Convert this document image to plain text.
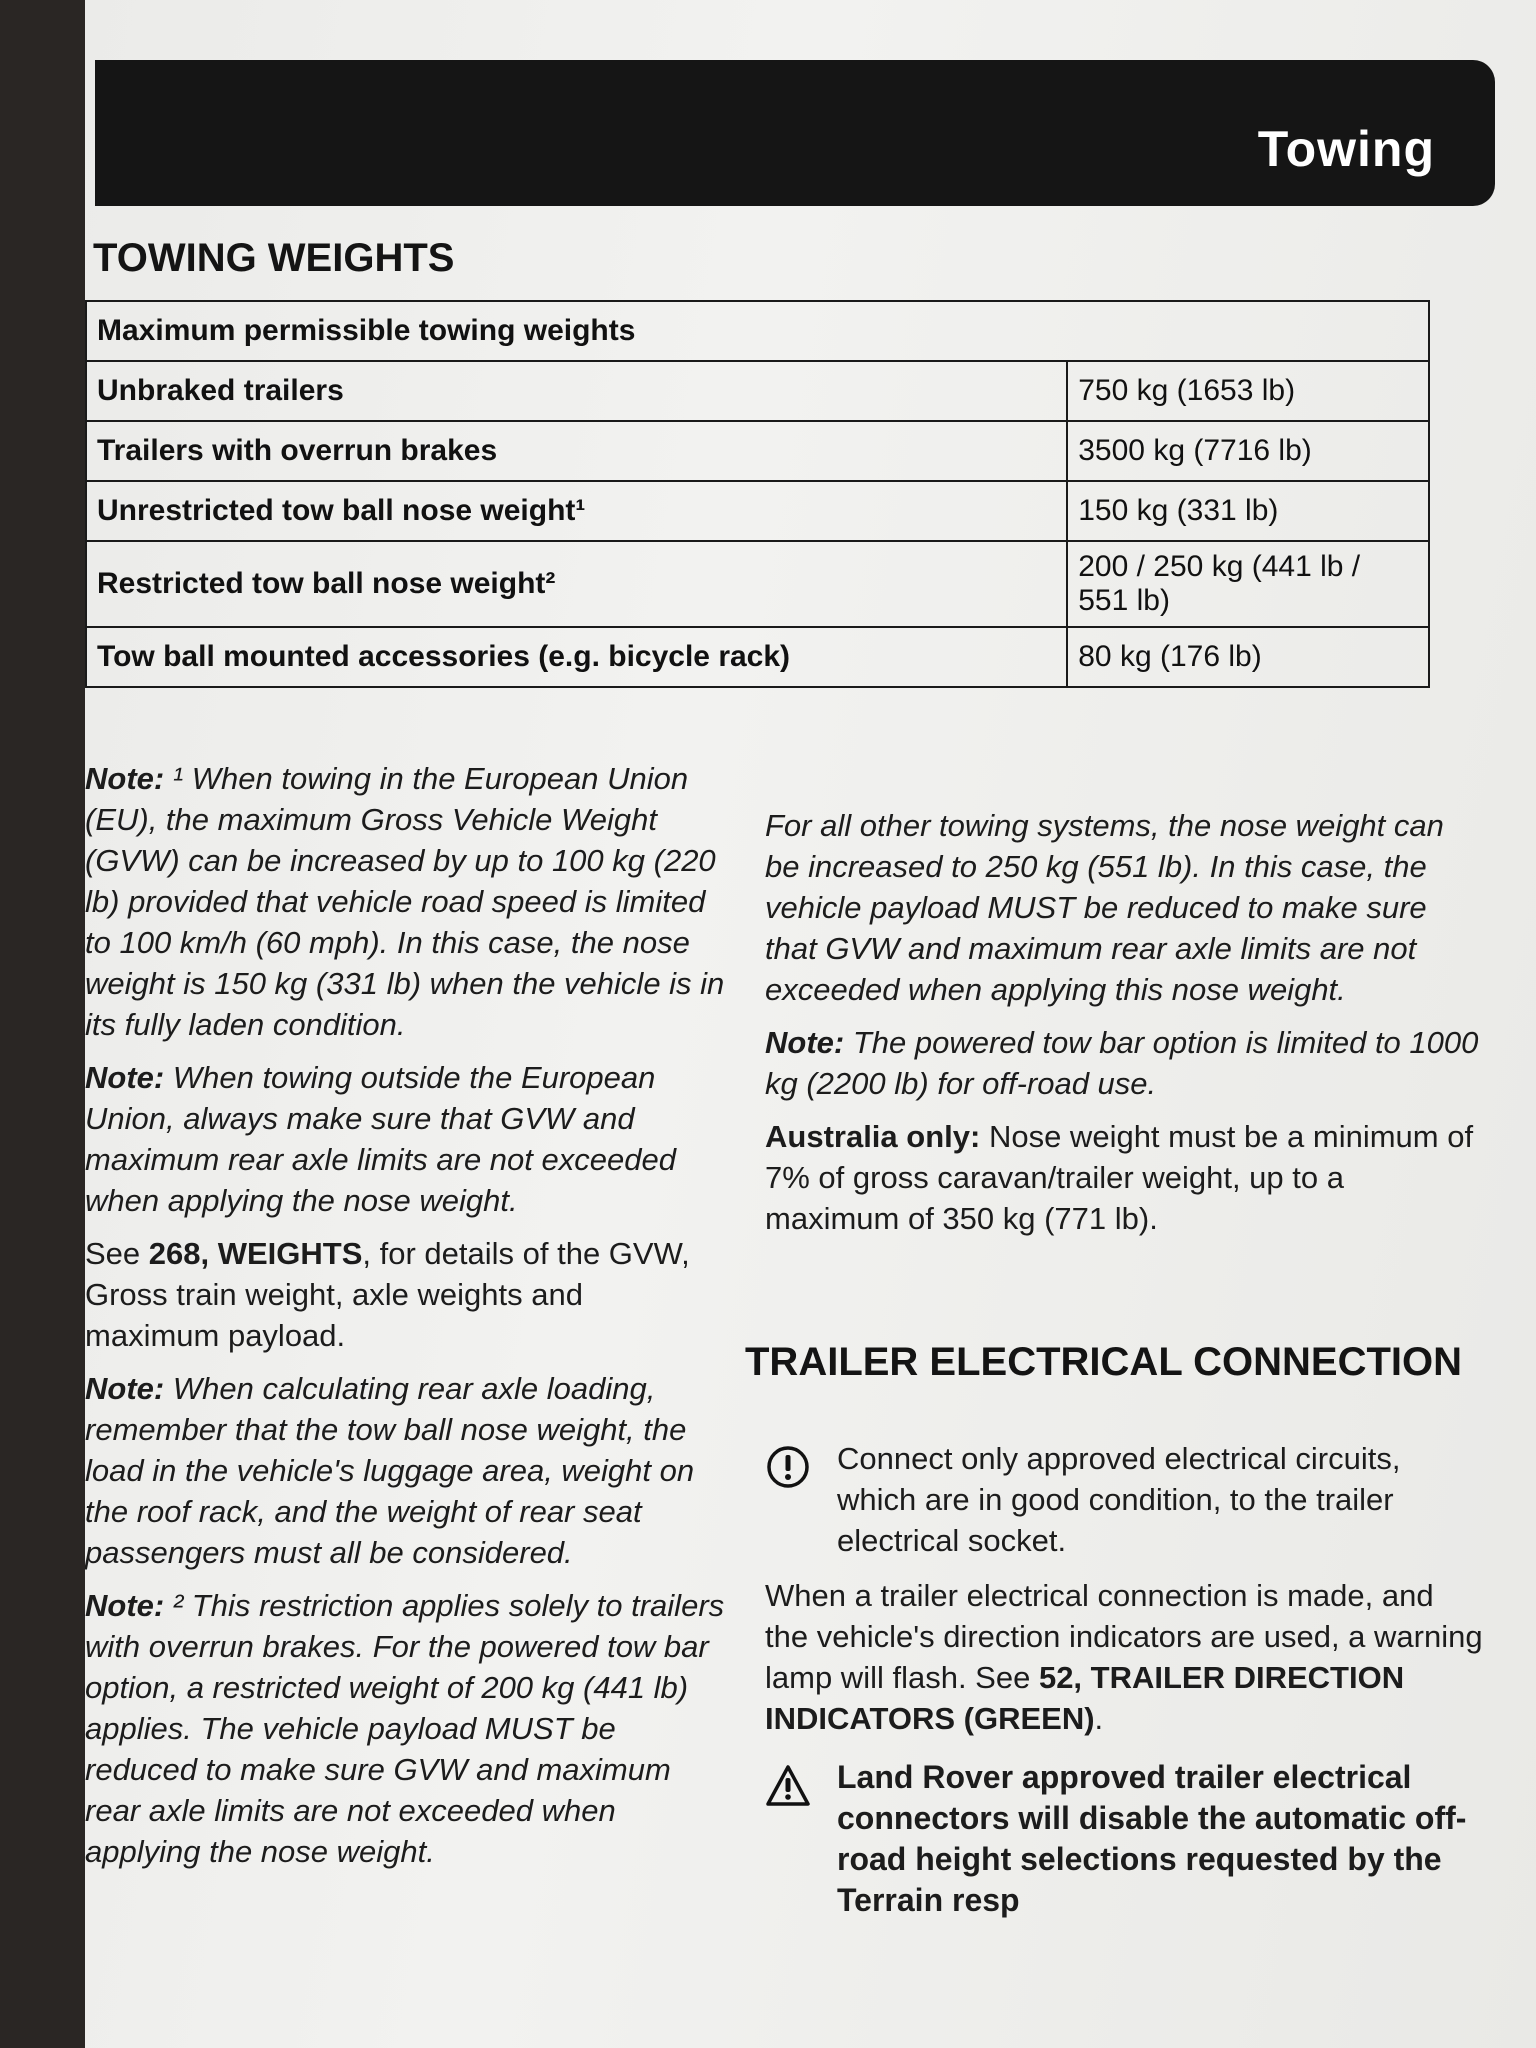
Towing
TOWING WEIGHTS
Maximum permissible towing weights	
Unbraked trailers	750 kg (1653 lb)
Trailers with overrun brakes	3500 kg (7716 lb)
Unrestricted tow ball nose weight¹	150 kg (331 lb)
Restricted tow ball nose weight²	200 / 250 kg (441 lb / 551 lb)
Tow ball mounted accessories (e.g. bicycle rack)	80 kg (176 lb)

Note: ¹ When towing in the European Union (EU), the maximum Gross Vehicle Weight (GVW) can be increased by up to 100 kg (220 lb) provided that vehicle road speed is limited to 100 km/h (60 mph). In this case, the nose weight is 150 kg (331 lb) when the vehicle is in its fully laden condition.

Note: When towing outside the European Union, always make sure that GVW and maximum rear axle limits are not exceeded when applying the nose weight.

See 268, WEIGHTS, for details of the GVW, Gross train weight, axle weights and maximum payload.

Note: When calculating rear axle loading, remember that the tow ball nose weight, the load in the vehicle's luggage area, weight on the roof rack, and the weight of rear seat passengers must all be considered.

Note: ² This restriction applies solely to trailers with overrun brakes. For the powered tow bar option, a restricted weight of 200 kg (441 lb) applies. The vehicle payload MUST be reduced to make sure GVW and maximum rear axle limits are not exceeded when applying the nose weight.

For all other towing systems, the nose weight can be increased to 250 kg (551 lb). In this case, the vehicle payload MUST be reduced to make sure that GVW and maximum rear axle limits are not exceeded when applying this nose weight.

Note: The powered tow bar option is limited to 1000 kg (2200 lb) for off-road use.

Australia only: Nose weight must be a minimum of 7% of gross caravan/trailer weight, up to a maximum of 350 kg (771 lb).

TRAILER ELECTRICAL CONNECTION

Connect only approved electrical circuits, which are in good condition, to the trailer electrical socket.

When a trailer electrical connection is made, and the vehicle's direction indicators are used, a warning lamp will flash. See 52, TRAILER DIRECTION INDICATORS (GREEN).

Land Rover approved trailer electrical connectors will disable the automatic off-road height selections requested by the Terrain resp
